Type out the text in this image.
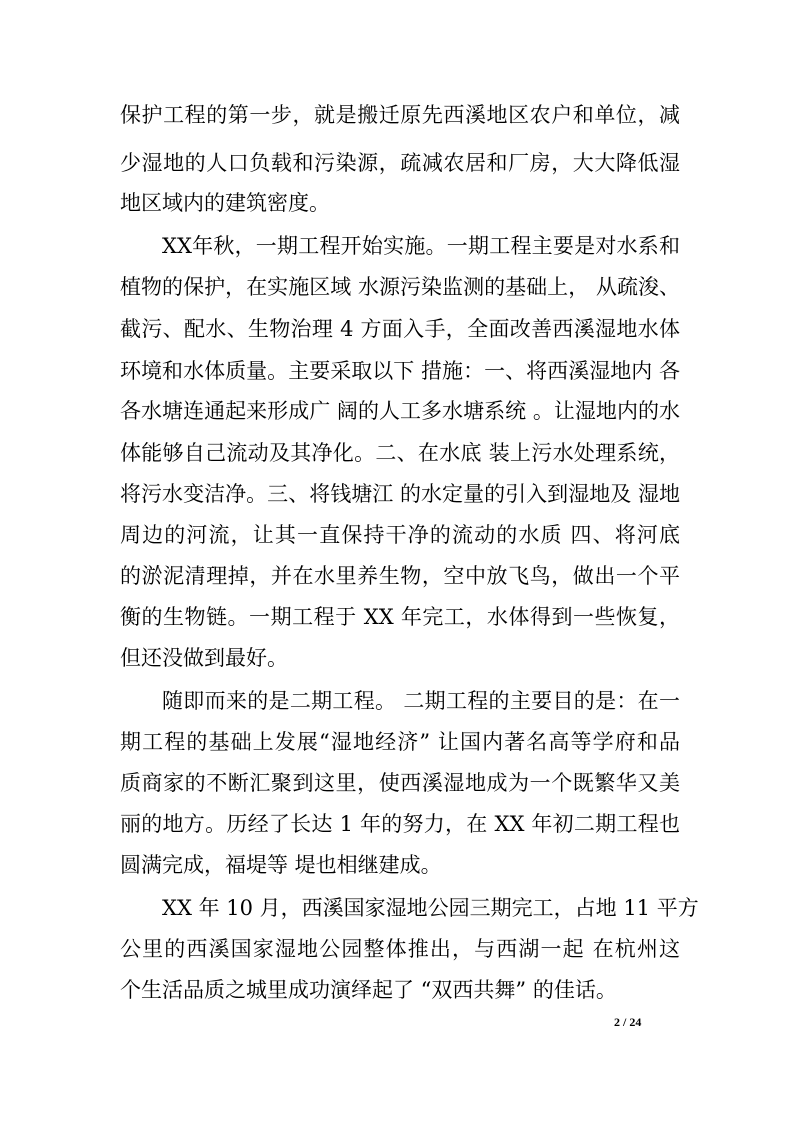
保护工程的第一步，就是搬迁原先西溪地区农户和单位，减
少湿地的人口负载和污染源，疏减农居和厂房，大大降低湿
地区域内的建筑密度。
XX年秋，一期工程开始实施。一期工程主要是对水系和
植物的保护，在实施区域 水源污染监测的基础上， 从疏浚、
截污、配水、生物治理 4 方面入手，全面改善西溪湿地水体
环境和水体质量。主要采取以下 措施：一、将西溪湿地内 各
各水塘连通起来形成广 阔的人工多水塘系统 。让湿地内的水
体能够自己流动及其净化。二、在水底 装上污水处理系统，
将污水变洁净。三、将钱塘江 的水定量的引入到湿地及 湿地
周边的河流，让其一直保持干净的流动的水质 四、将河底
的淤泥清理掉，并在水里养生物，空中放飞鸟，做出一个平
衡的生物链。一期工程于 XX 年完工，水体得到一些恢复，
但还没做到最好。
随即而来的是二期工程。 二期工程的主要目的是：在一
期工程的基础上发展“湿地经济” 让国内著名高等学府和品
质商家的不断汇聚到这里，使西溪湿地成为一个既繁华又美
丽的地方。历经了长达 1 年的努力，在 XX 年初二期工程也
圆满完成，福堤等 堤也相继建成。
XX 年 10 月，西溪国家湿地公园三期完工，占地 11 平方
公里的西溪国家湿地公园整体推出，与西湖一起 在杭州这
个生活品质之城里成功演绎起了 “双西共舞” 的佳话。
2 / 24
